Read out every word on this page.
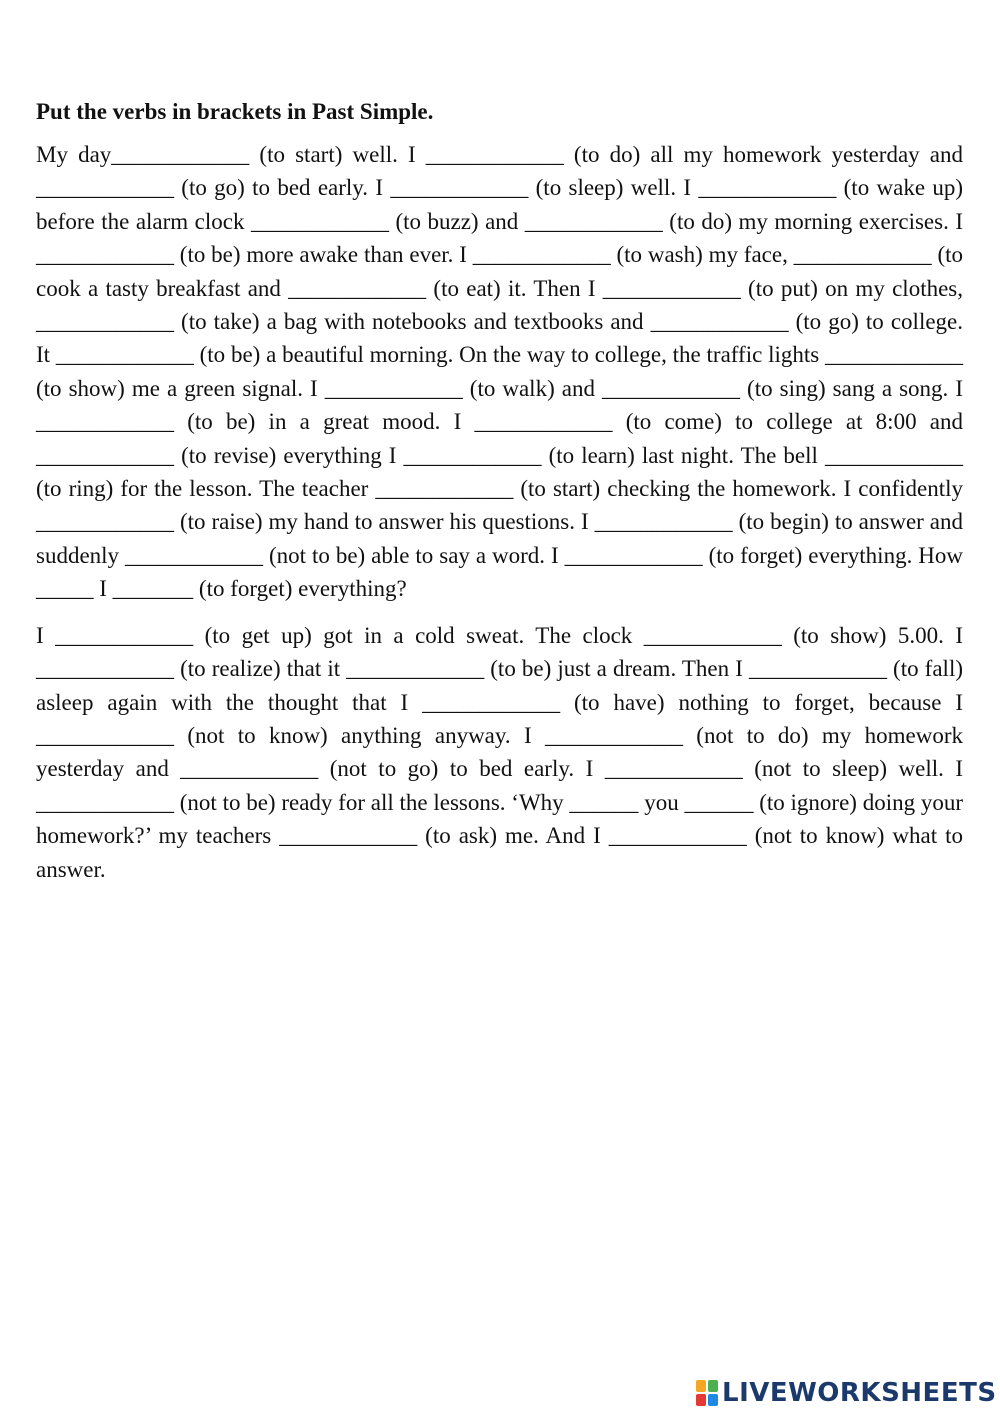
Put the verbs in brackets in Past Simple.

My day____________ (to start) well. I ____________ (to do) all my homework yesterday and ____________ (to go) to bed early. I ____________ (to sleep) well. I ____________ (to wake up) before the alarm clock ____________ (to buzz) and ____________ (to do) my morning exercises. I ____________ (to be) more awake than ever. I ____________ (to wash) my face, ____________ (to cook a tasty breakfast and ____________ (to eat) it. Then I ____________ (to put) on my clothes, ____________ (to take) a bag with notebooks and textbooks and ____________ (to go) to college. It ____________ (to be) a beautiful morning. On the way to college, the traffic lights ____________ (to show) me a green signal. I ____________ (to walk) and ____________ (to sing) sang a song. I ____________ (to be) in a great mood. I ____________ (to come) to college at 8:00 and ____________ (to revise) everything I ____________ (to learn) last night. The bell ____________ (to ring) for the lesson. The teacher ____________ (to start) checking the homework. I confidently ____________ (to raise) my hand to answer his questions. I ____________ (to begin) to answer and suddenly ____________ (not to be) able to say a word. I ____________ (to forget) everything. How _____ I _______ (to forget) everything?

I ____________ (to get up) got in a cold sweat. The clock ____________ (to show) 5.00. I ____________ (to realize) that it ____________ (to be) just a dream. Then I ____________ (to fall) asleep again with the thought that I ____________ (to have) nothing to forget, because I ____________ (not to know) anything anyway. I ____________ (not to do) my homework yesterday and ____________ (not to go) to bed early. I ____________ (not to sleep) well. I ____________ (not to be) ready for all the lessons. ‘Why ______ you ______ (to ignore) doing your homework?’ my teachers ____________ (to ask) me. And I ____________ (not to know) what to answer.

LIVEWORKSHEETS
